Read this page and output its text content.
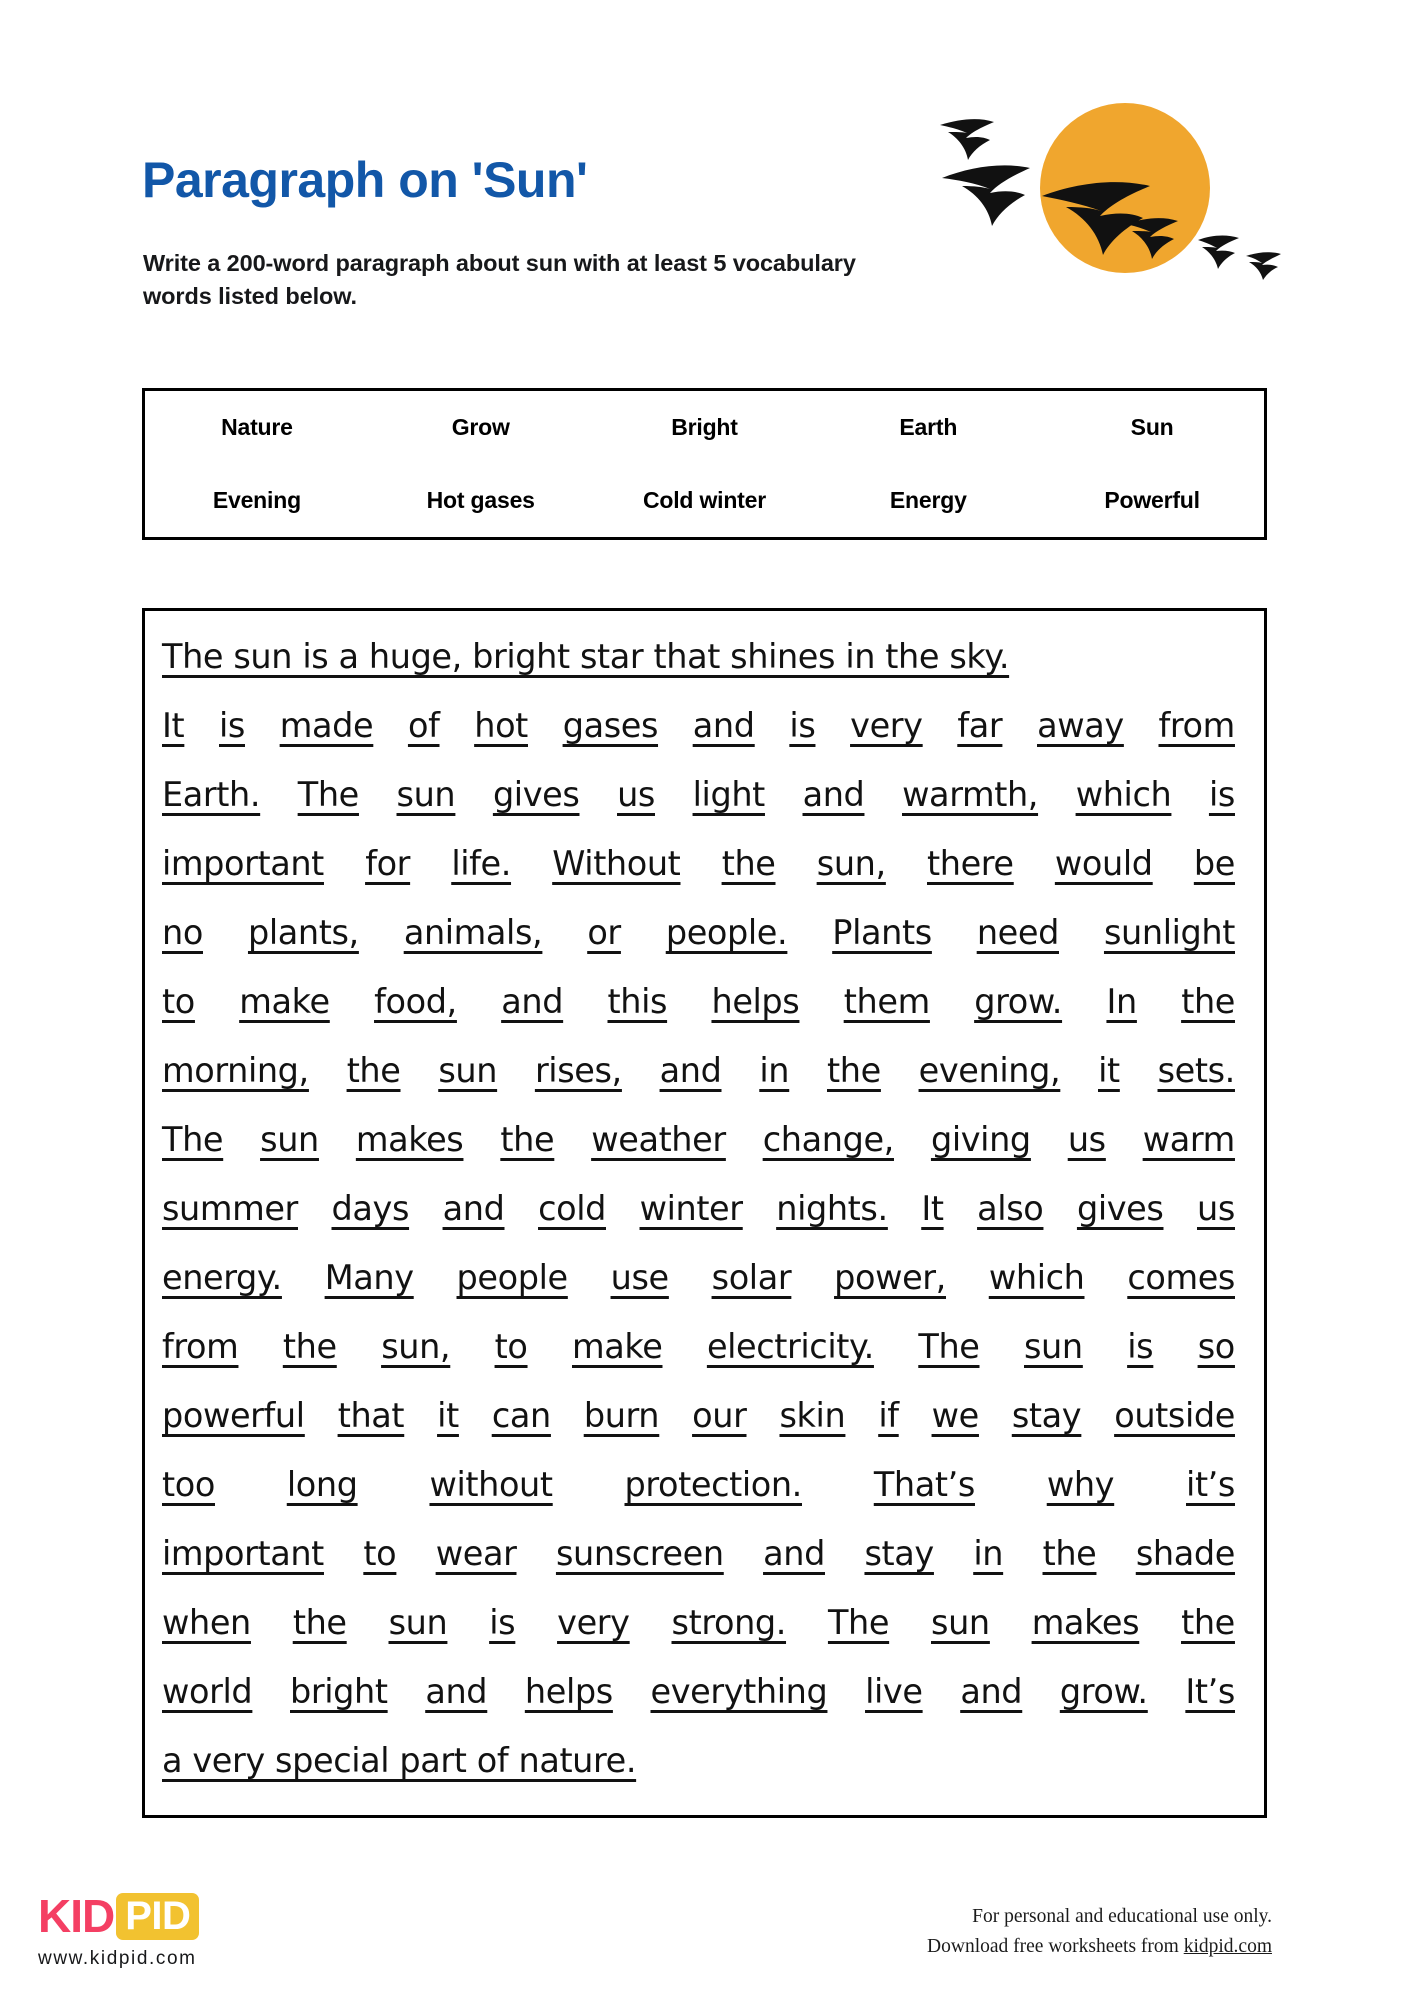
Paragraph on 'Sun'
Write a 200-word paragraph about sun with at least 5 vocabulary words listed below.
Nature	Grow	Bright	Earth	Sun
Evening	Hot gases	Cold winter	Energy	Powerful
The sun is a huge, bright star that shines in the sky.
It is made of hot gases and is very far away from
Earth. The sun gives us light and warmth, which is
important for life. Without the sun, there would be
no plants, animals, or people. Plants need sunlight
to make food, and this helps them grow. In the
morning, the sun rises, and in the evening, it sets.
The sun makes the weather change, giving us warm
summer days and cold winter nights. It also gives us
energy. Many people use solar power, which comes
from the sun, to make electricity. The sun is so
powerful that it can burn our skin if we stay outside
too long without protection. That’s why it’s
important to wear sunscreen and stay in the shade
when the sun is very strong. The sun makes the
world bright and helps everything live and grow. It’s
a very special part of nature.
KID PID
www.kidpid.com
For personal and educational use only.
Download free worksheets from kidpid.com
